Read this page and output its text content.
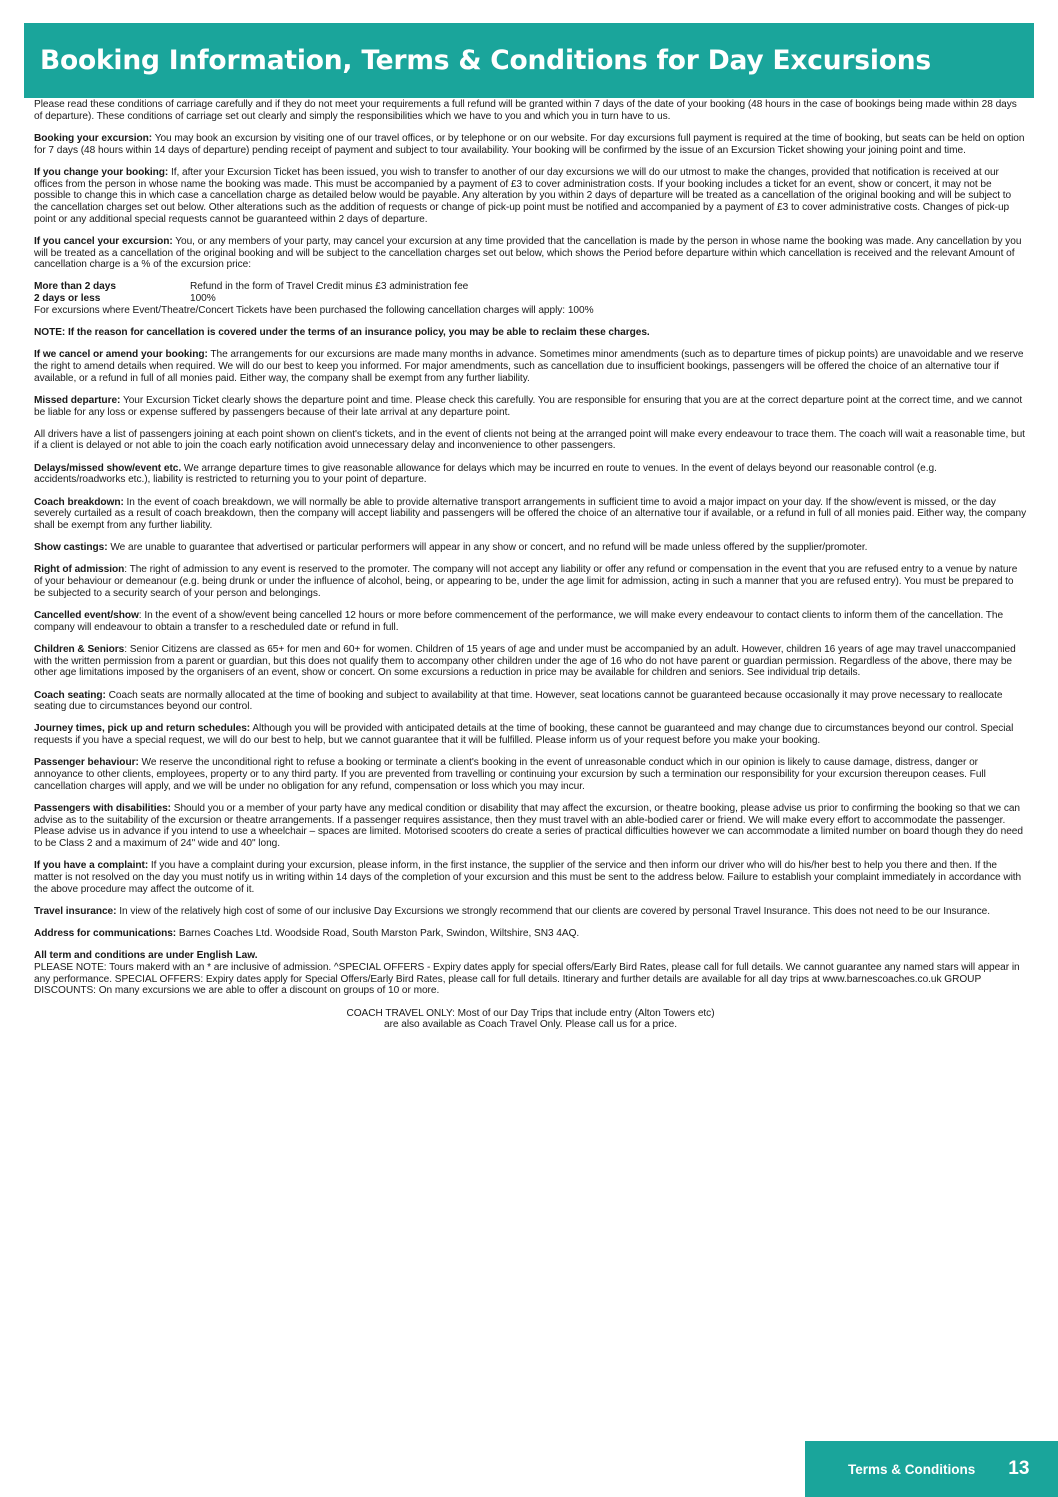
Booking Information, Terms & Conditions for Day Excursions

Please read these conditions of carriage carefully and if they do not meet your requirements a full refund will be granted within 7 days of the date of your booking (48 hours in the case of bookings being made within 28 days of departure). These conditions of carriage set out clearly and simply the responsibilities which we have to you and which you in turn have to us.

Booking your excursion: You may book an excursion by visiting one of our travel offices, or by telephone or on our website. For day excursions full payment is required at the time of booking, but seats can be held on option for 7 days (48 hours within 14 days of departure) pending receipt of payment and subject to tour availability. Your booking will be confirmed by the issue of an Excursion Ticket showing your joining point and time.

If you change your booking: If, after your Excursion Ticket has been issued, you wish to transfer to another of our day excursions we will do our utmost to make the changes, provided that notification is received at our offices from the person in whose name the booking was made. This must be accompanied by a payment of £3 to cover administration costs. If your booking includes a ticket for an event, show or concert, it may not be possible to change this in which case a cancellation charge as detailed below would be payable. Any alteration by you within 2 days of departure will be treated as a cancellation of the original booking and will be subject to the cancellation charges set out below. Other alterations such as the addition of requests or change of pick-up point must be notified and accompanied by a payment of £3 to cover administrative costs. Changes of pick-up point or any additional special requests cannot be guaranteed within 2 days of departure.

If you cancel your excursion: You, or any members of your party, may cancel your excursion at any time provided that the cancellation is made by the person in whose name the booking was made. Any cancellation by you will be treated as a cancellation of the original booking and will be subject to the cancellation charges set out below, which shows the Period before departure within which cancellation is received and the relevant Amount of cancellation charge is a % of the excursion price:

More than 2 days	Refund in the form of Travel Credit minus £3 administration fee
2 days or less	100%

For excursions where Event/Theatre/Concert Tickets have been purchased the following cancellation charges will apply: 100%

NOTE: If the reason for cancellation is covered under the terms of an insurance policy, you may be able to reclaim these charges.

If we cancel or amend your booking: The arrangements for our excursions are made many months in advance. Sometimes minor amendments (such as to departure times of pickup points) are unavoidable and we reserve the right to amend details when required. We will do our best to keep you informed. For major amendments, such as cancellation due to insufficient bookings, passengers will be offered the choice of an alternative tour if available, or a refund in full of all monies paid. Either way, the company shall be exempt from any further liability.

Missed departure: Your Excursion Ticket clearly shows the departure point and time. Please check this carefully. You are responsible for ensuring that you are at the correct departure point at the correct time, and we cannot be liable for any loss or expense suffered by passengers because of their late arrival at any departure point.

All drivers have a list of passengers joining at each point shown on client's tickets, and in the event of clients not being at the arranged point will make every endeavour to trace them. The coach will wait a reasonable time, but if a client is delayed or not able to join the coach early notification avoid unnecessary delay and inconvenience to other passengers.

Delays/missed show/event etc. We arrange departure times to give reasonable allowance for delays which may be incurred en route to venues. In the event of delays beyond our reasonable control (e.g. accidents/roadworks etc.), liability is restricted to returning you to your point of departure.

Coach breakdown: In the event of coach breakdown, we will normally be able to provide alternative transport arrangements in sufficient time to avoid a major impact on your day. If the show/event is missed, or the day severely curtailed as a result of coach breakdown, then the company will accept liability and passengers will be offered the choice of an alternative tour if available, or a refund in full of all monies paid. Either way, the company shall be exempt from any further liability.

Show castings: We are unable to guarantee that advertised or particular performers will appear in any show or concert, and no refund will be made unless offered by the supplier/promoter.

Right of admission: The right of admission to any event is reserved to the promoter. The company will not accept any liability or offer any refund or compensation in the event that you are refused entry to a venue by nature of your behaviour or demeanour (e.g. being drunk or under the influence of alcohol, being, or appearing to be, under the age limit for admission, acting in such a manner that you are refused entry). You must be prepared to be subjected to a security search of your person and belongings.

Cancelled event/show: In the event of a show/event being cancelled 12 hours or more before commencement of the performance, we will make every endeavour to contact clients to inform them of the cancellation. The company will endeavour to obtain a transfer to a rescheduled date or refund in full.

Children & Seniors: Senior Citizens are classed as 65+ for men and 60+ for women. Children of 15 years of age and under must be accompanied by an adult. However, children 16 years of age may travel unaccompanied with the written permission from a parent or guardian, but this does not qualify them to accompany other children under the age of 16 who do not have parent or guardian permission. Regardless of the above, there may be other age limitations imposed by the organisers of an event, show or concert. On some excursions a reduction in price may be available for children and seniors. See individual trip details.

Coach seating: Coach seats are normally allocated at the time of booking and subject to availability at that time. However, seat locations cannot be guaranteed because occasionally it may prove necessary to reallocate seating due to circumstances beyond our control.

Journey times, pick up and return schedules: Although you will be provided with anticipated details at the time of booking, these cannot be guaranteed and may change due to circumstances beyond our control. Special requests if you have a special request, we will do our best to help, but we cannot guarantee that it will be fulfilled. Please inform us of your request before you make your booking.

Passenger behaviour: We reserve the unconditional right to refuse a booking or terminate a client's booking in the event of unreasonable conduct which in our opinion is likely to cause damage, distress, danger or annoyance to other clients, employees, property or to any third party. If you are prevented from travelling or continuing your excursion by such a termination our responsibility for your excursion thereupon ceases. Full cancellation charges will apply, and we will be under no obligation for any refund, compensation or loss which you may incur.

Passengers with disabilities: Should you or a member of your party have any medical condition or disability that may affect the excursion, or theatre booking, please advise us prior to confirming the booking so that we can advise as to the suitability of the excursion or theatre arrangements. If a passenger requires assistance, then they must travel with an able-bodied carer or friend. We will make every effort to accommodate the passenger. Please advise us in advance if you intend to use a wheelchair – spaces are limited. Motorised scooters do create a series of practical difficulties however we can accommodate a limited number on board though they do need to be Class 2 and a maximum of 24" wide and 40" long.

If you have a complaint: If you have a complaint during your excursion, please inform, in the first instance, the supplier of the service and then inform our driver who will do his/her best to help you there and then. If the matter is not resolved on the day you must notify us in writing within 14 days of the completion of your excursion and this must be sent to the address below. Failure to establish your complaint immediately in accordance with the above procedure may affect the outcome of it.

Travel insurance: In view of the relatively high cost of some of our inclusive Day Excursions we strongly recommend that our clients are covered by personal Travel Insurance. This does not need to be our Insurance.

Address for communications: Barnes Coaches Ltd. Woodside Road, South Marston Park, Swindon, Wiltshire, SN3 4AQ.

All term and conditions are under English Law.
PLEASE NOTE: Tours makerd with an * are inclusive of admission. ^SPECIAL OFFERS - Expiry dates apply for special offers/Early Bird Rates, please call for full details. We cannot guarantee any named stars will appear in any performance. SPECIAL OFFERS: Expiry dates apply for Special Offers/Early Bird Rates, please call for full details. Itinerary and further details are available for all day trips at www.barnescoaches.co.uk GROUP DISCOUNTS: On many excursions we are able to offer a discount on groups of 10 or more.

COACH TRAVEL ONLY: Most of our Day Trips that include entry (Alton Towers etc)
are also available as Coach Travel Only. Please call us for a price.

Terms & Conditions 13
